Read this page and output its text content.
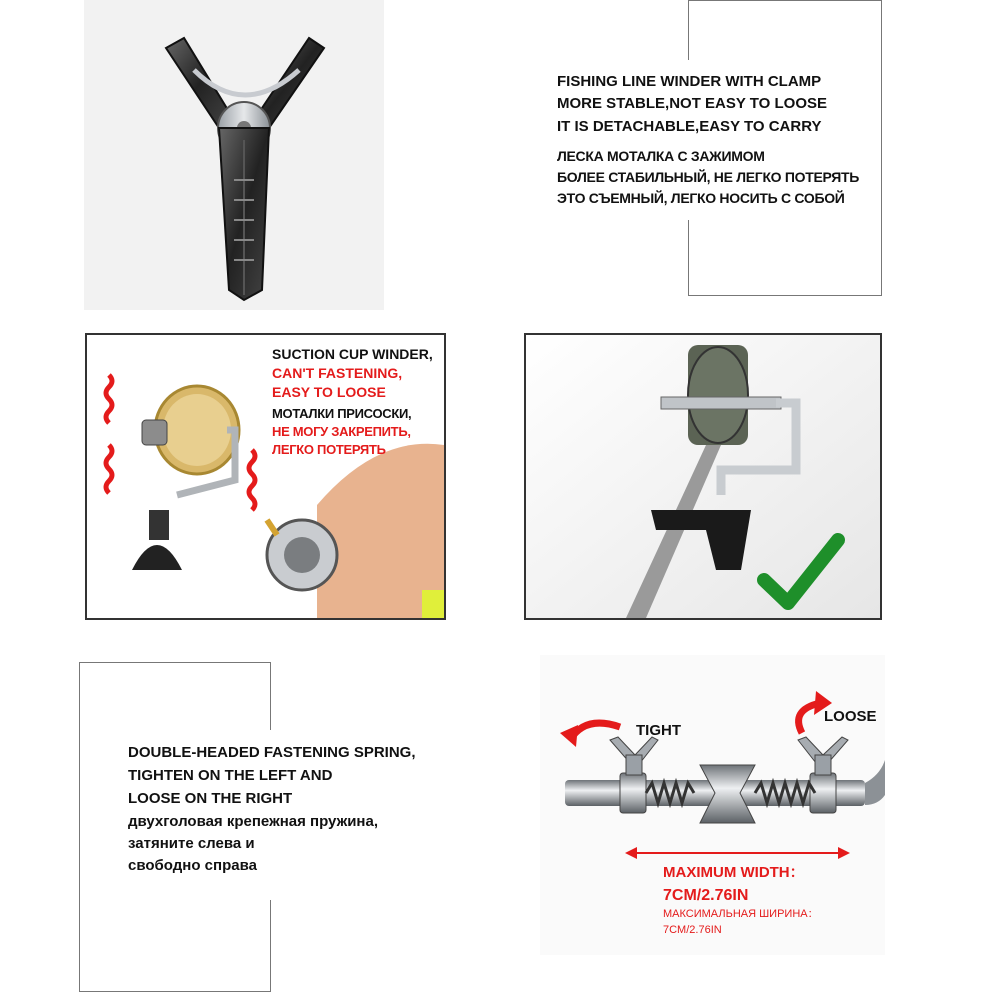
FISHING LINE WINDER WITH CLAMP
MORE STABLE,NOT EASY TO LOOSE
IT IS DETACHABLE,EASY TO CARRY
ЛЕСКА МОТАЛКА С ЗАЖИМОМ
БОЛЕЕ СТАБИЛЬНЫЙ, НЕ ЛЕГКО ПОТЕРЯТЬ
ЭТО СЪЕМНЫЙ, ЛЕГКО НОСИТЬ С СОБОЙ
SUCTION CUP WINDER,
CAN'T FASTENING,
EASY TO LOOSE
МОТАЛКИ ПРИСОСКИ,
НЕ МОГУ ЗАКРЕПИТЬ,
ЛЕГКО ПОТЕРЯТЬ
DOUBLE-HEADED FASTENING SPRING,
TIGHTEN ON THE LEFT AND
LOOSE ON THE RIGHT
двухголовая крепежная пружина,
затяните слева и
свободно справа
TIGHT
LOOSE
MAXIMUM WIDTH：
7CM/2.76IN
МАКСИМАЛЬНАЯ ШИРИНА：
7CM/2.76IN
